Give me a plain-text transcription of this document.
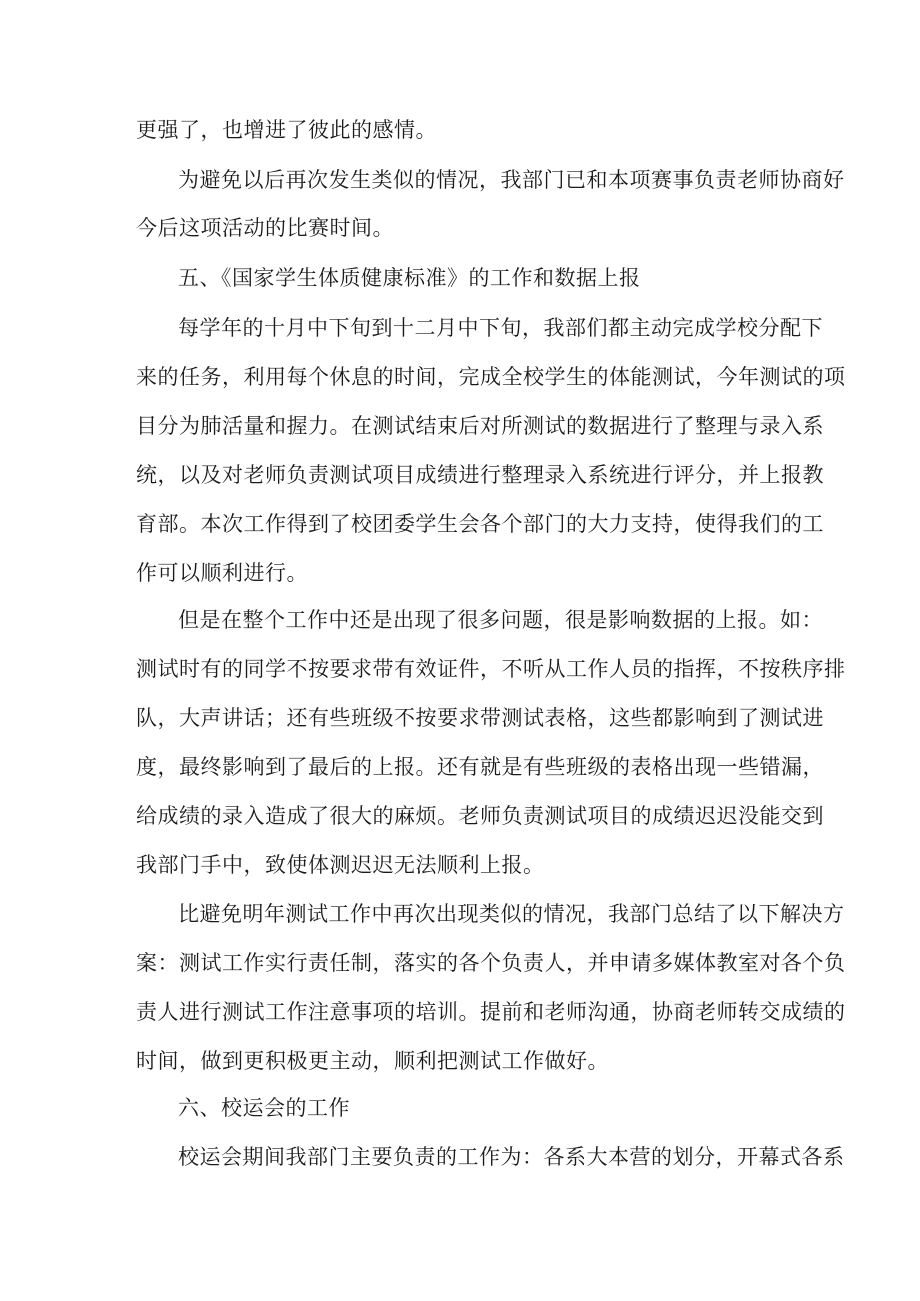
更强了，也增进了彼此的感情。
为避免以后再次发生类似的情况，我部门已和本项赛事负责老师协商好
今后这项活动的比赛时间。
五、《国家学生体质健康标准》的工作和数据上报
每学年的十月中下旬到十二月中下旬，我部们都主动完成学校分配下
来的任务，利用每个休息的时间，完成全校学生的体能测试，今年测试的项
目分为肺活量和握力。在测试结束后对所测试的数据进行了整理与录入系
统，以及对老师负责测试项目成绩进行整理录入系统进行评分，并上报教
育部。本次工作得到了校团委学生会各个部门的大力支持，使得我们的工
作可以顺利进行。
但是在整个工作中还是出现了很多问题，很是影响数据的上报。如：
测试时有的同学不按要求带有效证件，不听从工作人员的指挥，不按秩序排
队，大声讲话；还有些班级不按要求带测试表格，这些都影响到了测试进
度，最终影响到了最后的上报。还有就是有些班级的表格出现一些错漏，
给成绩的录入造成了很大的麻烦。老师负责测试项目的成绩迟迟没能交到
我部门手中，致使体测迟迟无法顺利上报。
比避免明年测试工作中再次出现类似的情况，我部门总结了以下解决方
案：测试工作实行责任制，落实的各个负责人，并申请多媒体教室对各个负
责人进行测试工作注意事项的培训。提前和老师沟通，协商老师转交成绩的
时间，做到更积极更主动，顺利把测试工作做好。
六、校运会的工作
校运会期间我部门主要负责的工作为：各系大本营的划分，开幕式各系
